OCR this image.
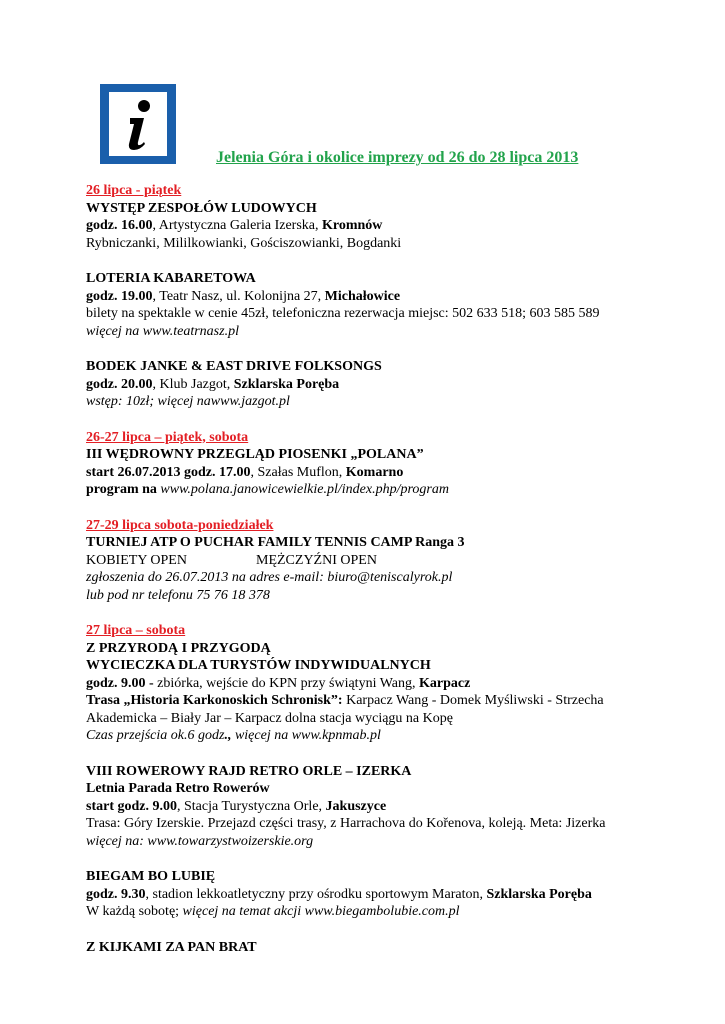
Jelenia Góra i okolice imprezy od 26 do 28 lipca 2013
26 lipca - piątek
WYSTĘP ZESPOŁÓW LUDOWYCH
godz. 16.00, Artystyczna Galeria Izerska, Kromnów
Rybniczanki, Mililkowianki, Gościszowianki, Bogdanki
LOTERIA KABARETOWA
godz. 19.00, Teatr Nasz, ul. Kolonijna 27, Michałowice
bilety na spektakle w cenie 45zł, telefoniczna rezerwacja miejsc: 502 633 518; 603 585 589
więcej na www.teatrnasz.pl
BODEK JANKE & EAST DRIVE FOLKSONGS
godz. 20.00, Klub Jazgot, Szklarska Poręba
wstęp: 10zł; więcej nawww.jazgot.pl
26-27 lipca – piątek, sobota
III WĘDROWNY PRZEGLĄD PIOSENKI „POLANA”
start 26.07.2013 godz. 17.00, Szałas Muflon, Komarno
program na www.polana.janowicewielkie.pl/index.php/program
27-29 lipca sobota-poniedziałek
TURNIEJ ATP O PUCHAR FAMILY TENNIS CAMP Ranga 3
KOBIETY OPEN	MĘŻCZYŹNI OPEN
zgłoszenia do 26.07.2013 na adres e-mail: biuro@teniscalyrok.pl
lub pod nr telefonu 75 76 18 378
27 lipca – sobota
Z PRZYRODĄ I PRZYGODĄ
WYCIECZKA DLA TURYSTÓW INDYWIDUALNYCH
godz. 9.00 - zbiórka, wejście do KPN przy świątyni Wang, Karpacz
Trasa „Historia Karkonoskich Schronisk”: Karpacz Wang - Domek Myśliwski - Strzecha
Akademicka – Biały Jar – Karpacz dolna stacja wyciągu na Kopę
Czas przejścia ok.6 godz., więcej na www.kpnmab.pl
VIII ROWEROWY RAJD RETRO ORLE – IZERKA
Letnia Parada Retro Rowerów
start godz. 9.00, Stacja Turystyczna Orle, Jakuszyce
Trasa: Góry Izerskie. Przejazd części trasy, z Harrachova do Kořenova, koleją. Meta: Jizerka
więcej na: www.towarzystwoizerskie.org
BIEGAM BO LUBIĘ
godz. 9.30, stadion lekkoatletyczny przy ośrodku sportowym Maraton, Szklarska Poręba
W każdą sobotę; więcej na temat akcji www.biegambolubie.com.pl
Z KIJKAMI ZA PAN BRAT
